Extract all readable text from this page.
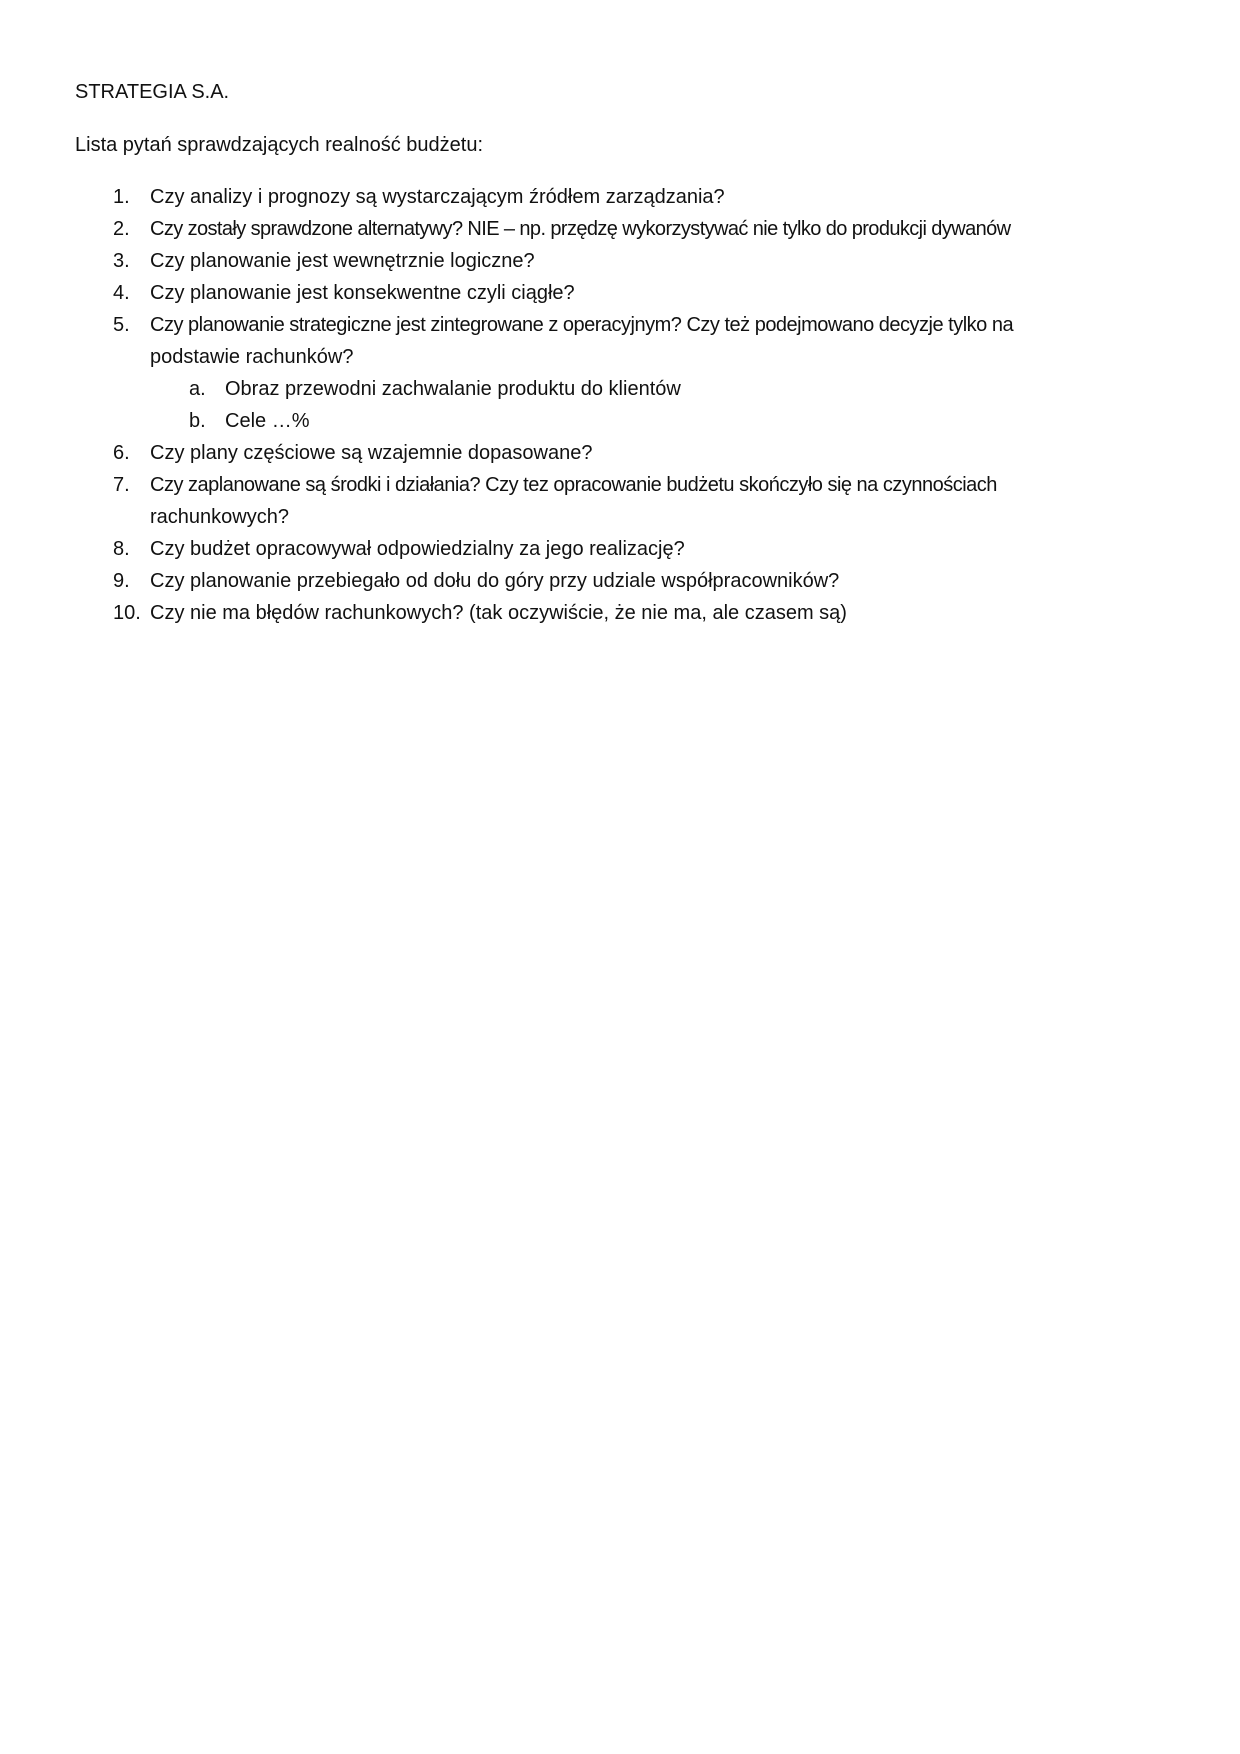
STRATEGIA S.A.
Lista pytań sprawdzających realność budżetu:
1. Czy analizy i prognozy są wystarczającym źródłem zarządzania?
2. Czy zostały sprawdzone alternatywy? NIE – np. przędzę wykorzystywać nie tylko do produkcji dywanów
3. Czy planowanie jest wewnętrznie logiczne?
4. Czy planowanie jest konsekwentne czyli ciągłe?
5. Czy planowanie strategiczne jest zintegrowane z operacyjnym? Czy też podejmowano decyzje tylko na
podstawie rachunków?
a. Obraz przewodni zachwalanie produktu do klientów
b. Cele …%
6. Czy plany częściowe są wzajemnie dopasowane?
7. Czy zaplanowane są środki i działania? Czy tez opracowanie budżetu skończyło się na czynnościach
rachunkowych?
8. Czy budżet opracowywał odpowiedzialny za jego realizację?
9. Czy planowanie przebiegało od dołu do góry przy udziale współpracowników?
10. Czy nie ma błędów rachunkowych? (tak oczywiście, że nie ma, ale czasem są)
